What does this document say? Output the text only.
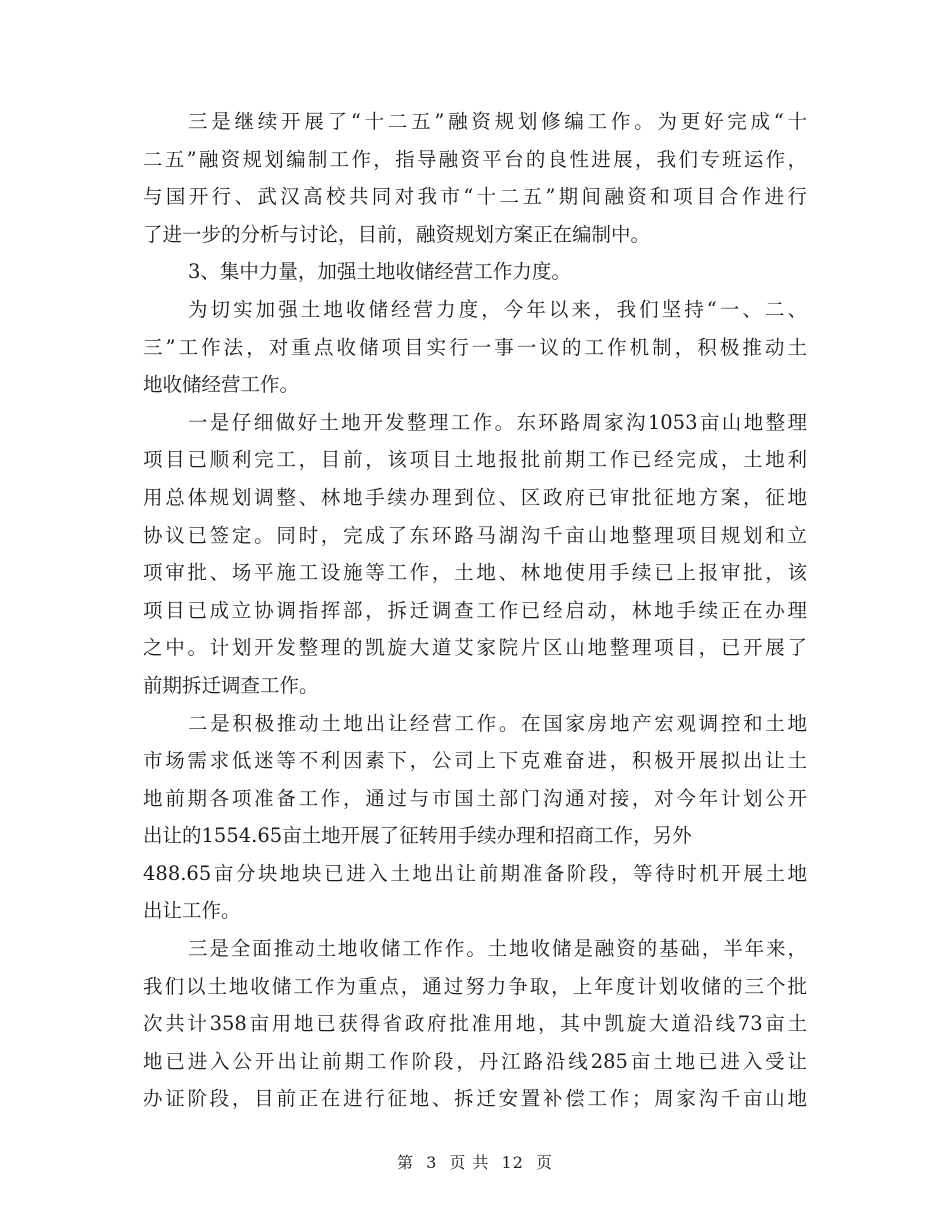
三是继续开展了“十二五”融资规划修编工作。为更好完成“十
二五”融资规划编制工作，指导融资平台的良性进展，我们专班运作，
与国开行、武汉高校共同对我市“十二五”期间融资和项目合作进行
了进一步的分析与讨论，目前，融资规划方案正在编制中。
3、集中力量，加强土地收储经营工作力度。
为切实加强土地收储经营力度，今年以来，我们坚持“一、二、
三”工作法，对重点收储项目实行一事一议的工作机制，积极推动土
地收储经营工作。
一是仔细做好土地开发整理工作。东环路周家沟1053亩山地整理
项目已顺利完工，目前，该项目土地报批前期工作已经完成，土地利
用总体规划调整、林地手续办理到位、区政府已审批征地方案，征地
协议已签定。同时，完成了东环路马湖沟千亩山地整理项目规划和立
项审批、场平施工设施等工作，土地、林地使用手续已上报审批，该
项目已成立协调指挥部，拆迁调查工作已经启动，林地手续正在办理
之中。计划开发整理的凯旋大道艾家院片区山地整理项目，已开展了
前期拆迁调查工作。
二是积极推动土地出让经营工作。在国家房地产宏观调控和土地
市场需求低迷等不利因素下，公司上下克难奋进，积极开展拟出让土
地前期各项准备工作，通过与市国土部门沟通对接，对今年计划公开
出让的1554.65亩土地开展了征转用手续办理和招商工作，另外
488.65亩分块地块已进入土地出让前期准备阶段，等待时机开展土地
出让工作。
三是全面推动土地收储工作作。土地收储是融资的基础，半年来，
我们以土地收储工作为重点，通过努力争取，上年度计划收储的三个批
次共计358亩用地已获得省政府批准用地，其中凯旋大道沿线73亩土
地已进入公开出让前期工作阶段，丹江路沿线285亩土地已进入受让
办证阶段，目前正在进行征地、拆迁安置补偿工作；周家沟千亩山地
第 3 页 共 12 页
